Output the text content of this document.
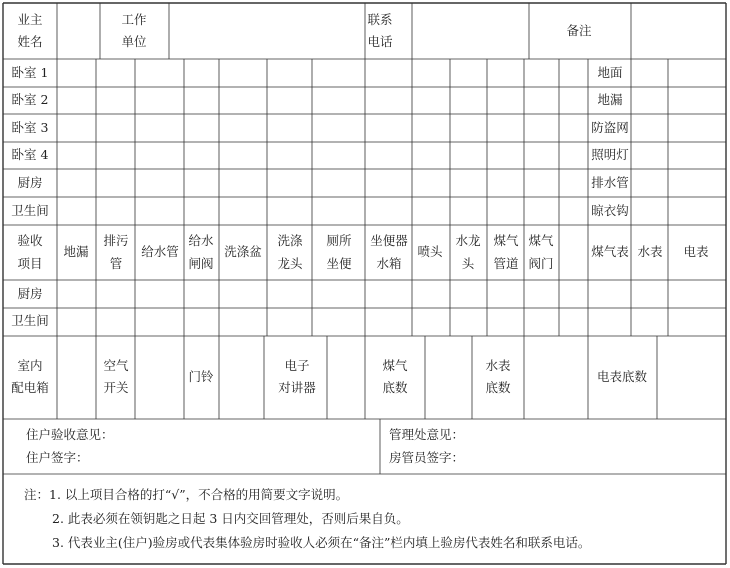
业主
姓名
工作
单位
联系
电话
备注
卧室 1
卧室 2
卧室 3
卧室 4
厨房
卫生间
地面
地漏
防盗网
照明灯
排水管
晾衣钩
验收
项目
地漏
排污
管
给水管
给水
闸阀
洗涤盆
洗涤
龙头
厕所
坐便
坐便器
水箱
喷头
水龙
头
煤气
管道
煤气
阀门
煤气表 水表 电表
厨房
卫生间
室内
配电箱
空气
开关
门铃
电子
对讲器
煤气
底数
水表
底数
电表底数
住户验收意见：
住户签字：
管理处意见：
房管员签字：
注：1. 以上项目合格的打“√”，不合格的用简要文字说明。
2. 此表必须在领钥匙之日起 3 日内交回管理处，否则后果自负。
3. 代表业主(住户)验房或代表集体验房时验收人必须在“备注”栏内填上验房代表姓名和联系电话。
